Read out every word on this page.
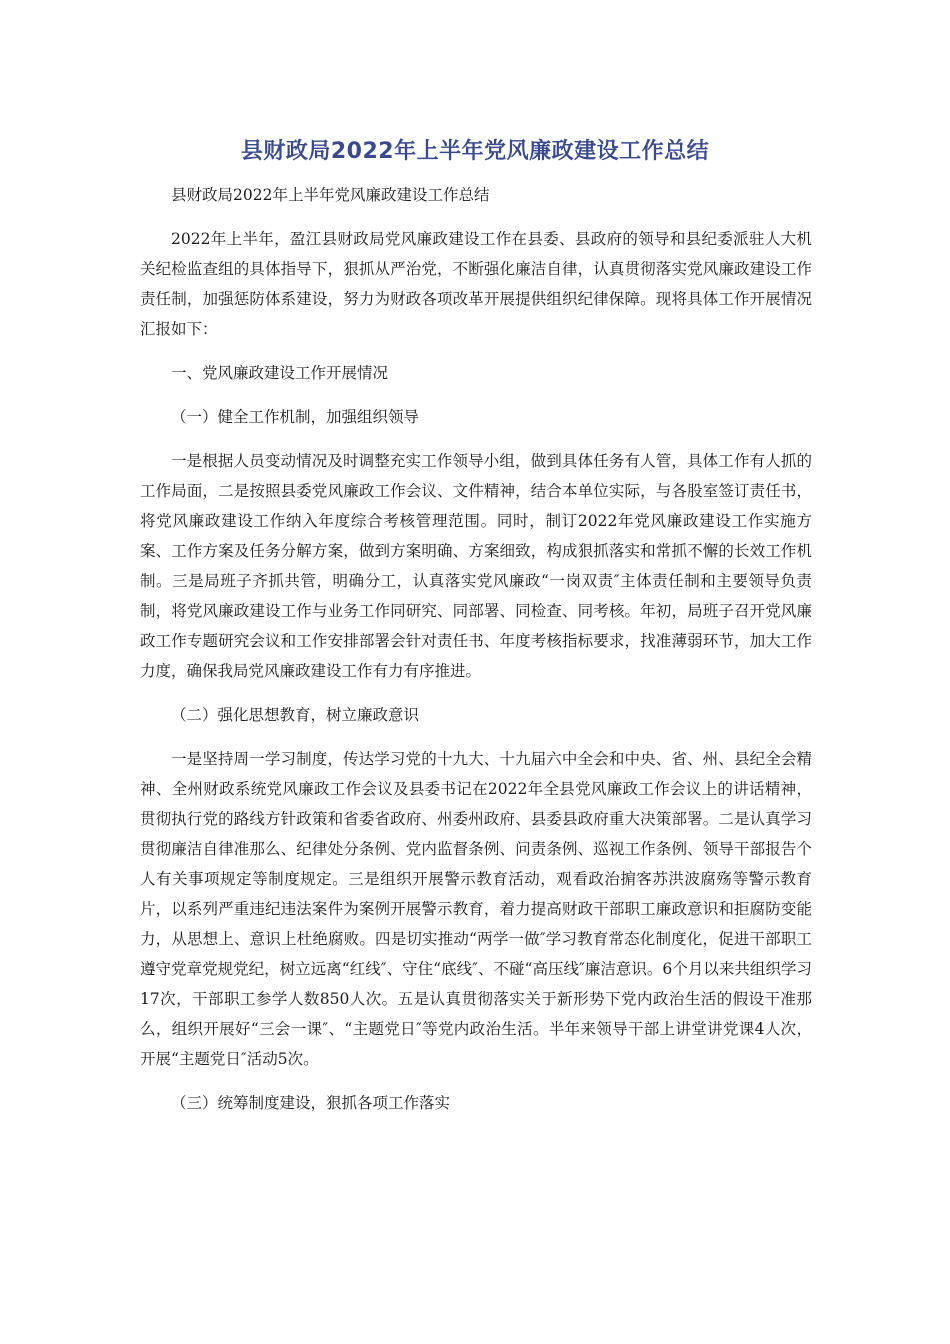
县财政局2022年上半年党风廉政建设工作总结

县财政局2022年上半年党风廉政建设工作总结

2022年上半年，盈江县财政局党风廉政建设工作在县委、县政府的领导和县纪委派驻人大机关纪检监查组的具体指导下，狠抓从严治党，不断强化廉洁自律，认真贯彻落实党风廉政建设工作责任制，加强惩防体系建设，努力为财政各项改革开展提供组织纪律保障。现将具体工作开展情况汇报如下：

一、党风廉政建设工作开展情况

（一）健全工作机制，加强组织领导

一是根据人员变动情况及时调整充实工作领导小组，做到具体任务有人管，具体工作有人抓的工作局面，二是按照县委党风廉政工作会议、文件精神，结合本单位实际，与各股室签订责任书，将党风廉政建设工作纳入年度综合考核管理范围。同时，制订2022年党风廉政建设工作实施方案、工作方案及任务分解方案，做到方案明确、方案细致，构成狠抓落实和常抓不懈的长效工作机制。三是局班子齐抓共管，明确分工，认真落实党风廉政“一岗双责″主体责任制和主要领导负责制，将党风廉政建设工作与业务工作同研究、同部署、同检查、同考核。年初，局班子召开党风廉政工作专题研究会议和工作安排部署会针对责任书、年度考核指标要求，找准薄弱环节，加大工作力度，确保我局党风廉政建设工作有力有序推进。

（二）强化思想教育，树立廉政意识

一是坚持周一学习制度，传达学习党的十九大、十九届六中全会和中央、省、州、县纪全会精神、全州财政系统党风廉政工作会议及县委书记在2022年全县党风廉政工作会议上的讲话精神，贯彻执行党的路线方针政策和省委省政府、州委州政府、县委县政府重大决策部署。二是认真学习贯彻廉洁自律准那么、纪律处分条例、党内监督条例、问责条例、巡视工作条例、领导干部报告个人有关事项规定等制度规定。三是组织开展警示教育活动，观看政治掮客苏洪波腐殇等警示教育片，以系列严重违纪违法案件为案例开展警示教育，着力提高财政干部职工廉政意识和拒腐防变能力，从思想上、意识上杜绝腐败。四是切实推动“两学一做″学习教育常态化制度化，促进干部职工遵守党章党规党纪，树立远离“红线″、守住“底线″、不碰“高压线″廉洁意识。6个月以来共组织学习17次，干部职工参学人数850人次。五是认真贯彻落实关于新形势下党内政治生活的假设干准那么，组织开展好“三会一课″、“主题党日″等党内政治生活。半年来领导干部上讲堂讲党课4人次，开展“主题党日″活动5次。

（三）统筹制度建设，狠抓各项工作落实
